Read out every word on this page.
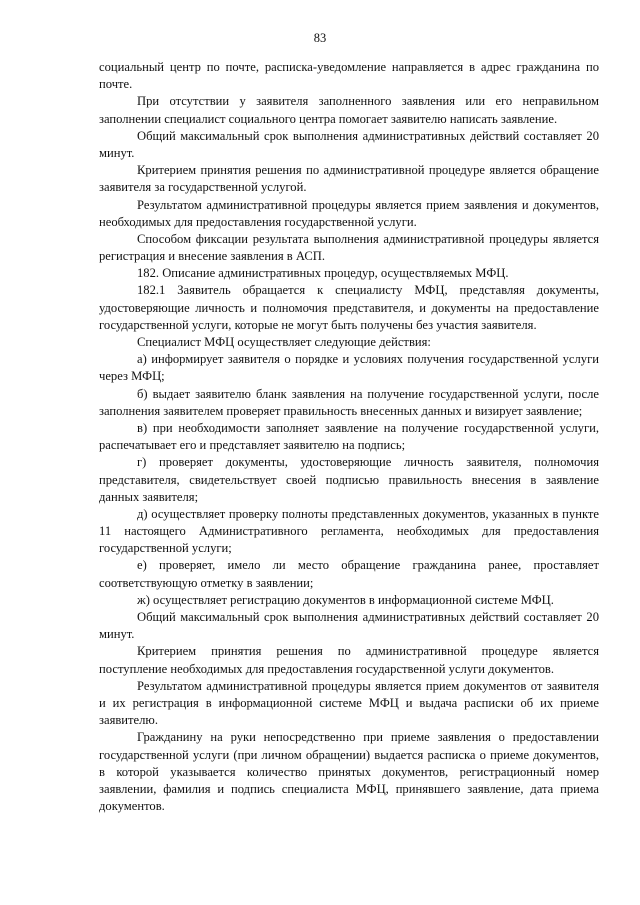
83
социальный центр по почте, расписка-уведомление направляется в адрес гражданина по
почте.
При отсутствии у заявителя заполненного заявления или его неправильном
заполнении специалист социального центра помогает заявителю написать заявление.
Общий максимальный срок выполнения административных действий составляет 20
минут.
Критерием принятия решения по административной процедуре является обращение
заявителя за государственной услугой.
Результатом административной процедуры является прием заявления и документов,
необходимых для предоставления государственной услуги.
Способом фиксации результата выполнения административной процедуры является
регистрация и внесение заявления в АСП.
182. Описание административных процедур, осуществляемых МФЦ.
182.1 Заявитель обращается к специалисту МФЦ, представляя документы,
удостоверяющие личность и полномочия представителя, и документы на предоставление
государственной услуги, которые не могут быть получены без участия заявителя.
Специалист МФЦ осуществляет следующие действия:
а) информирует заявителя о порядке и условиях получения государственной услуги
через МФЦ;
б) выдает заявителю бланк заявления на получение государственной услуги, после
заполнения заявителем проверяет правильность внесенных данных и визирует заявление;
в) при необходимости заполняет заявление на получение государственной услуги,
распечатывает его и представляет заявителю на подпись;
г) проверяет документы, удостоверяющие личность заявителя, полномочия
представителя, свидетельствует своей подписью правильность внесения в заявление
данных заявителя;
д) осуществляет проверку полноты представленных документов, указанных в пункте
11 настоящего Административного регламента, необходимых для предоставления
государственной услуги;
е) проверяет, имело ли место обращение гражданина ранее, проставляет
соответствующую отметку в заявлении;
ж) осуществляет регистрацию документов в информационной системе МФЦ.
Общий максимальный срок выполнения административных действий составляет 20
минут.
Критерием принятия решения по административной процедуре является
поступление необходимых для предоставления государственной услуги документов.
Результатом административной процедуры является прием документов от заявителя
и их регистрация в информационной системе МФЦ и выдача расписки об их приеме
заявителю.
Гражданину на руки непосредственно при приеме заявления о предоставлении
государственной услуги (при личном обращении) выдается расписка о приеме документов,
в которой указывается количество принятых документов, регистрационный номер
заявлении, фамилия и подпись специалиста МФЦ, принявшего заявление, дата приема
документов.
